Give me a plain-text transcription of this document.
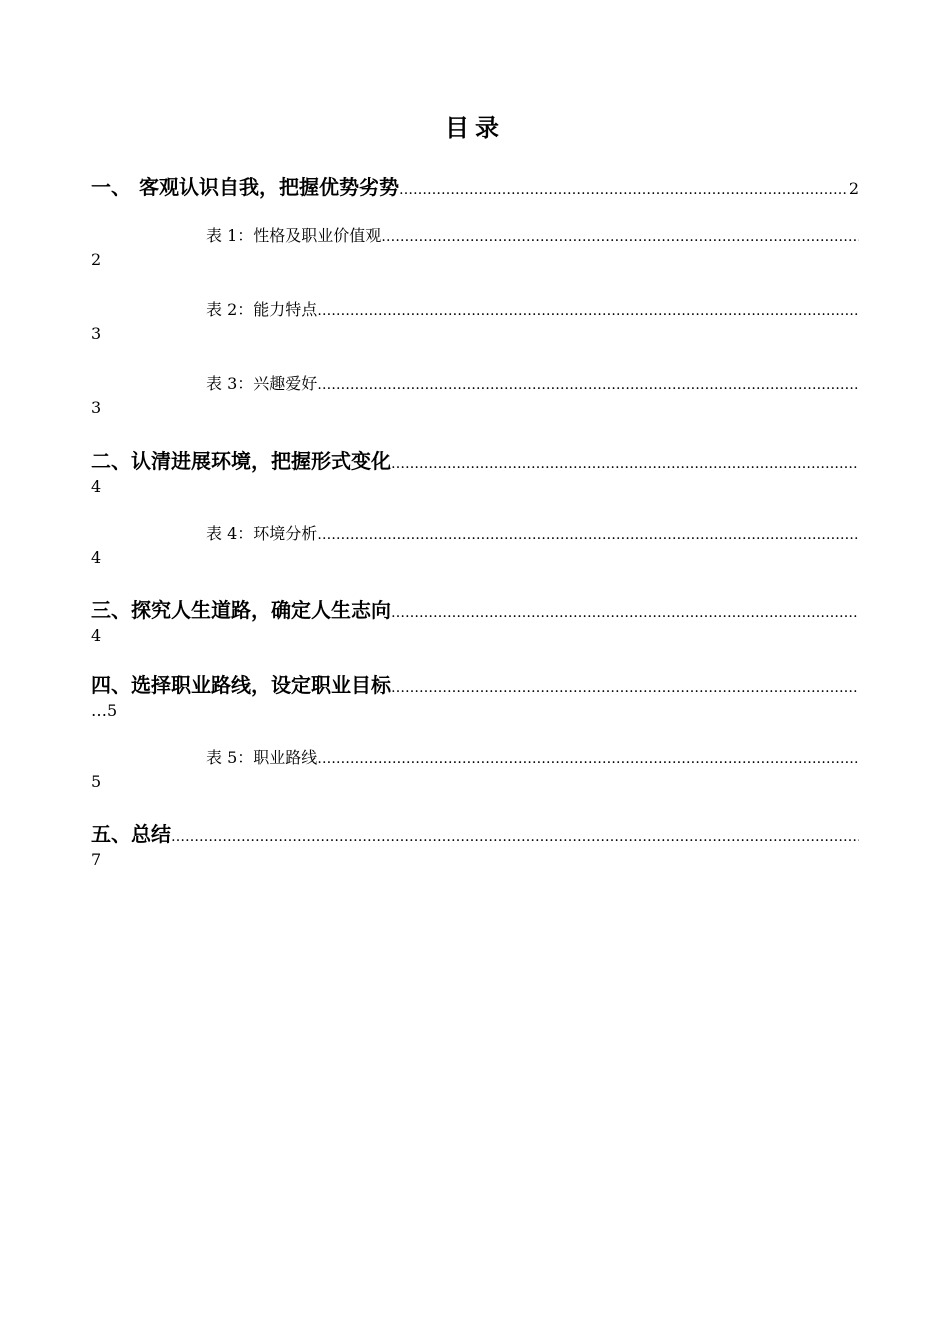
目录
一、 客观认识自我，把握优势劣势
……………………………………………………………………………………………………………………………………………………………………	2
表 1：性格及职业价值观
……………………………………………………………………………………………………………………………………………………………………
2
表 2：能力特点
……………………………………………………………………………………………………………………………………………………………………
3
表 3：兴趣爱好
……………………………………………………………………………………………………………………………………………………………………
3
二、认清进展环境，把握形式变化
……………………………………………………………………………………………………………………………………………………………………
4
表 4：环境分析
……………………………………………………………………………………………………………………………………………………………………
4
三、探究人生道路，确定人生志向
……………………………………………………………………………………………………………………………………………………………………
4
四、选择职业路线，设定职业目标
……………………………………………………………………………………………………………………………………………………………………
…5
表 5：职业路线
……………………………………………………………………………………………………………………………………………………………………
5
五、总结
……………………………………………………………………………………………………………………………………………………………………
7
